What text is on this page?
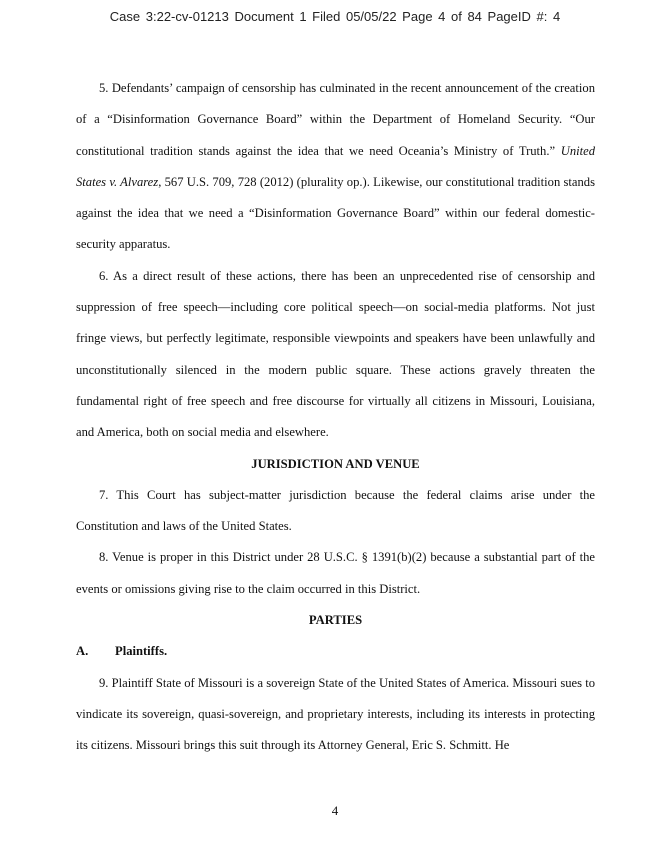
Case 3:22-cv-01213 Document 1 Filed 05/05/22 Page 4 of 84 PageID #: 4

5. Defendants’ campaign of censorship has culminated in the recent announcement of the creation of a “Disinformation Governance Board” within the Department of Homeland Security. “Our constitutional tradition stands against the idea that we need Oceania’s Ministry of Truth.” United States v. Alvarez, 567 U.S. 709, 728 (2012) (plurality op.). Likewise, our constitutional tradition stands against the idea that we need a “Disinformation Governance Board” within our federal domestic-security apparatus.

6. As a direct result of these actions, there has been an unprecedented rise of censorship and suppression of free speech—including core political speech—on social-media platforms. Not just fringe views, but perfectly legitimate, responsible viewpoints and speakers have been unlawfully and unconstitutionally silenced in the modern public square. These actions gravely threaten the fundamental right of free speech and free discourse for virtually all citizens in Missouri, Louisiana, and America, both on social media and elsewhere.

JURISDICTION AND VENUE

7. This Court has subject-matter jurisdiction because the federal claims arise under the Constitution and laws of the United States.

8. Venue is proper in this District under 28 U.S.C. § 1391(b)(2) because a substantial part of the events or omissions giving rise to the claim occurred in this District.

PARTIES
A.	Plaintiffs.

9. Plaintiff State of Missouri is a sovereign State of the United States of America. Missouri sues to vindicate its sovereign, quasi-sovereign, and proprietary interests, including its interests in protecting its citizens. Missouri brings this suit through its Attorney General, Eric S. Schmitt. He

4
